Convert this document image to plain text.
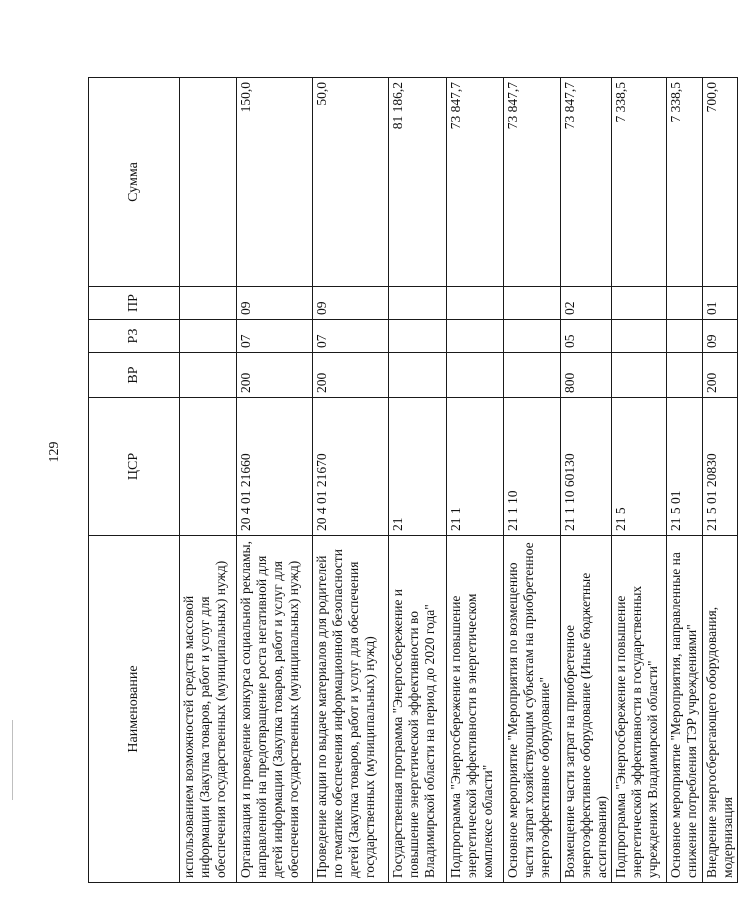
129
Наименование	ЦСР	ВР	РЗ	ПР	Сумма
использованием возможностей средств массовой информации (Закупка товаров, работ и услуг для обеспечения государственных (муниципальных) нужд)					
Организация и проведение конкурса социальной рекламы, направленной на предотвращение роста негативной для детей информации (Закупка товаров, работ и услуг для обеспечения государственных (муниципальных) нужд)	20 4 01 21660	200	07	09	150,0
Проведение акции по выдаче материалов для родителей по тематике обеспечения информационной безопасности детей (Закупка товаров, работ и услуг для обеспечения государственных (муниципальных) нужд)	20 4 01 21670	200	07	09	50,0
Государственная программа "Энергосбережение и повышение энергетической эффективности во Владимирской области на период до 2020 года"	21				81 186,2
Подпрограмма "Энергосбережение и повышение энергетической эффективности в энергетическом комплексе области"	21 1				73 847,7
Основное мероприятие "Мероприятия по возмещению части затрат хозяйствующим субъектам на приобретенное энергоэффективное оборудование"	21 1 10				73 847,7
Возмещение части затрат на приобретенное энергоэффективное оборудование (Иные бюджетные ассигнования)	21 1 10 60130	800	05	02	73 847,7
Подпрограмма "Энергосбережение и повышение энергетической эффективности в государственных учреждениях Владимирской области"	21 5				7 338,5
Основное мероприятие "Мероприятия, направленные на снижение потребления ТЭР учреждениями"	21 5 01				7 338,5
Внедрение энергосберегающего оборудования, модернизация	21 5 01 20830	200	09	01	700,0
